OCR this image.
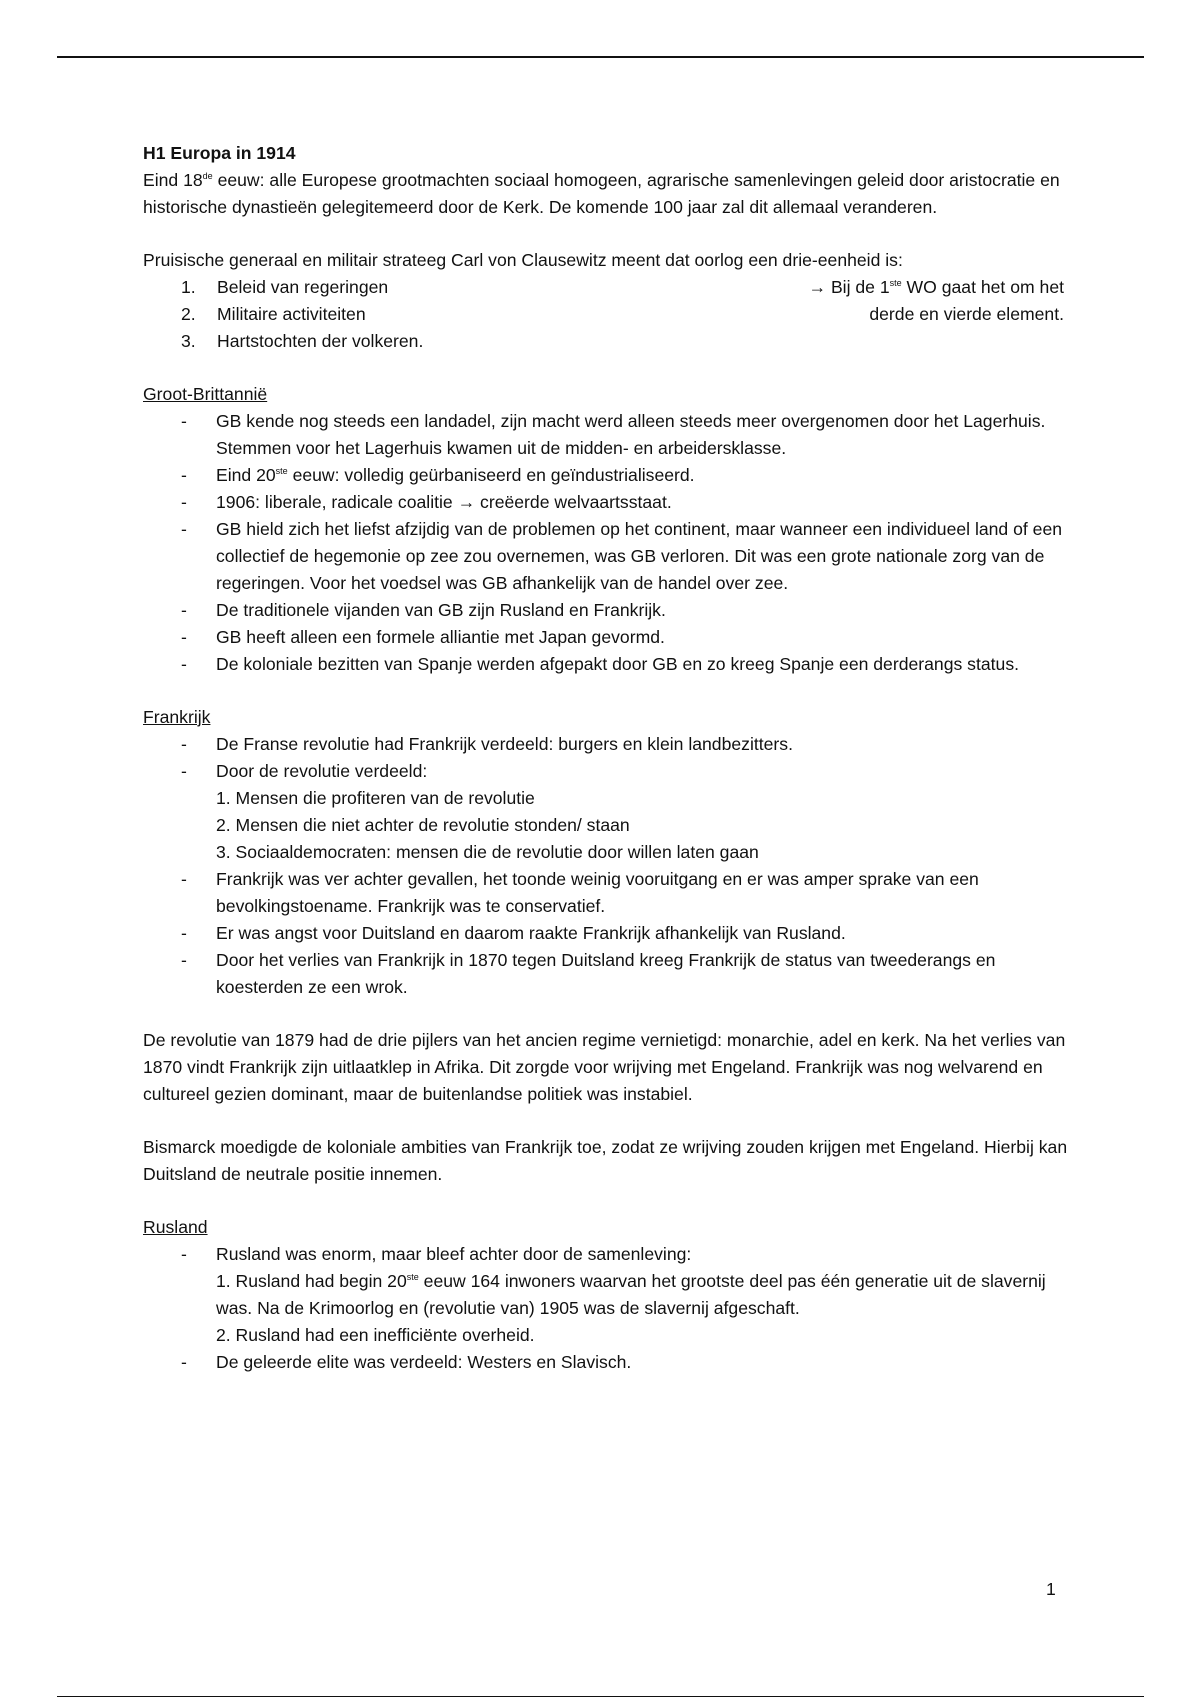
H1 Europa in 1914

Eind 18de eeuw: alle Europese grootmachten sociaal homogeen, agrarische samenlevingen geleid door aristocratie en historische dynastieën gelegitemeerd door de Kerk. De komende 100 jaar zal dit allemaal veranderen.

Pruisische generaal en militair strateeg Carl von Clausewitz meent dat oorlog een drie-eenheid is:

1.	Beleid van regeringen
2.	Militaire activiteiten
3.	Hartstochten der volkeren.
→ Bij de 1ste WO gaat het om het
derde en vierde element.

Groot-Brittannië

-	GB kende nog steeds een landadel, zijn macht werd alleen steeds meer overgenomen door het Lagerhuis. Stemmen voor het Lagerhuis kwamen uit de midden- en arbeidersklasse.
-	Eind 20ste eeuw: volledig geürbaniseerd en geïndustrialiseerd.
-	1906: liberale, radicale coalitie → creëerde welvaartsstaat.
-	GB hield zich het liefst afzijdig van de problemen op het continent, maar wanneer een individueel land of een collectief de hegemonie op zee zou overnemen, was GB verloren. Dit was een grote nationale zorg van de regeringen. Voor het voedsel was GB afhankelijk van de handel over zee.
-	De traditionele vijanden van GB zijn Rusland en Frankrijk.
-	GB heeft alleen een formele alliantie met Japan gevormd.
-	De koloniale bezitten van Spanje werden afgepakt door GB en zo kreeg Spanje een derderangs status.

Frankrijk

-	De Franse revolutie had Frankrijk verdeeld: burgers en klein landbezitters.
-	Door de revolutie verdeeld:
1. Mensen die profiteren van de revolutie
2. Mensen die niet achter de revolutie stonden/ staan
3. Sociaaldemocraten: mensen die de revolutie door willen laten gaan
-	Frankrijk was ver achter gevallen, het toonde weinig vooruitgang en er was amper sprake van een bevolkingstoename. Frankrijk was te conservatief.
-	Er was angst voor Duitsland en daarom raakte Frankrijk afhankelijk van Rusland.
-	Door het verlies van Frankrijk in 1870 tegen Duitsland kreeg Frankrijk de status van tweederangs en koesterden ze een wrok.

De revolutie van 1879 had de drie pijlers van het ancien regime vernietigd: monarchie, adel en kerk. Na het verlies van 1870 vindt Frankrijk zijn uitlaatklep in Afrika. Dit zorgde voor wrijving met Engeland. Frankrijk was nog welvarend en cultureel gezien dominant, maar de buitenlandse politiek was instabiel.

Bismarck moedigde de koloniale ambities van Frankrijk toe, zodat ze wrijving zouden krijgen met Engeland. Hierbij kan Duitsland de neutrale positie innemen.

Rusland

-	Rusland was enorm, maar bleef achter door de samenleving:
1. Rusland had begin 20ste eeuw 164 inwoners waarvan het grootste deel pas één generatie uit de slavernij was. Na de Krimoorlog en (revolutie van) 1905 was de slavernij afgeschaft.
2. Rusland had een inefficiënte overheid.
-	De geleerde elite was verdeeld: Westers en Slavisch.
1
